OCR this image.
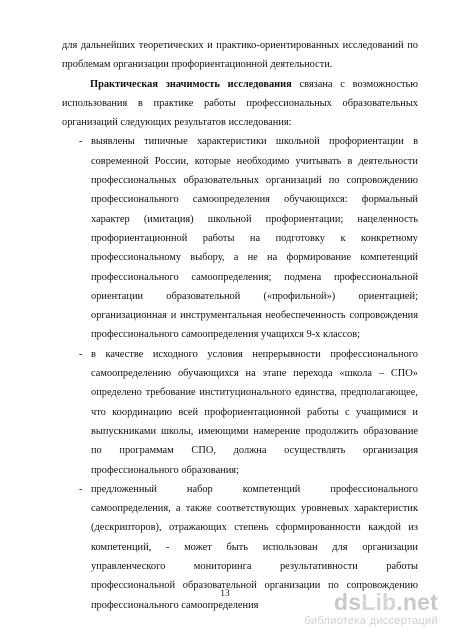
для дальнейших теоретических и практико-ориентированных исследований по проблемам организации профориентационной деятельности.

Практическая значимость исследования связана с возможностью использования в практике работы профессиональных образовательных организаций следующих результатов исследования:

- выявлены типичные характеристики школьной профориентации в современной России, которые необходимо учитывать в деятельности профессиональных образовательных организаций по сопровождению профессионального самоопределения обучающихся: формальный характер (имитация) школьной профориентации; нацеленность профориентационной работы на подготовку к конкретному профессиональному выбору, а не на формирование компетенций профессионального самоопределения; подмена профессиональной ориентации образовательной («профильной») ориентацией; организационная и инструментальная необеспеченность сопровождения профессионального самоопределения учащихся 9-х классов;
- в качестве исходного условия непрерывности профессионального самоопределению обучающихся на этапе перехода «школа – СПО» определено требование институционального единства, предполагающее, что координацию всей профориентационной работы с учащимися и выпускниками школы, имеющими намерение продолжить образование по программам СПО, должна осуществлять организация профессионального образования;
- предложенный набор компетенций профессионального самоопределения, а также соответствующих уровневых характеристик (дескрипторов), отражающих степень сформированности каждой из компетенций, - может быть использован для организации управленческого мониторинга результативности работы профессиональной образовательной организации по сопровождению профессионального самоопределения
13	dsLib.net
библиотека диссертаций
